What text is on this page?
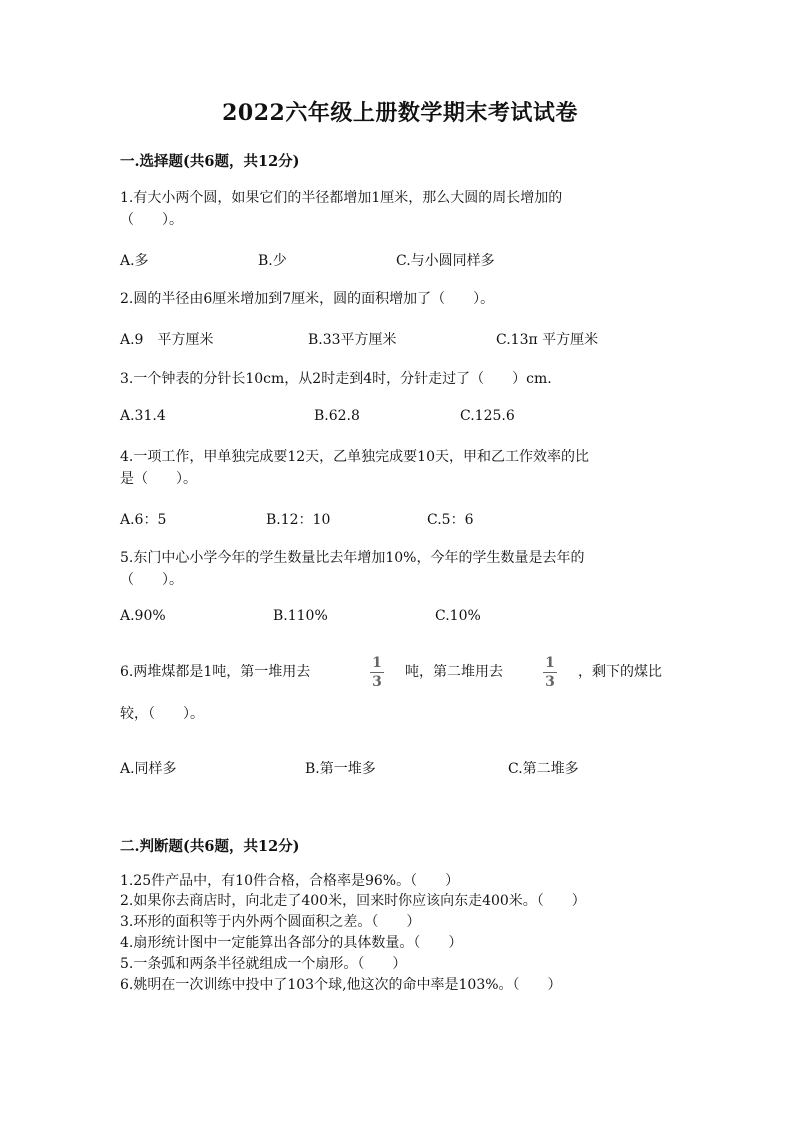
2022六年级上册数学期末考试试卷
一.选择题(共6题，共12分)
1.有大小两个圆，如果它们的半径都增加1厘米，那么大圆的周长增加的
（　　）。
A.多	B.少	C.与小圆同样多
2.圆的半径由6厘米增加到7厘米，圆的面积增加了（　　）。
A.9　平方厘米	B.33平方厘米	C.13π 平方厘米
3.一个钟表的分针长10cm，从2时走到4时，分针走过了（　　）cm.
A.31.4	B.62.8	C.125.6
4.一项工作，甲单独完成要12天，乙单独完成要10天，甲和乙工作效率的比
是（　　）。
A.6：5	B.12：10	C.5：6
5.东门中心小学今年的学生数量比去年增加10%，今年的学生数量是去年的
（　　）。
A.90%	B.110%	C.10%
6.两堆煤都是1吨，第一堆用去
1
3
吨，第二堆用去
1
3
，剩下的煤比
较，（　　）。
A.同样多	B.第一堆多	C.第二堆多
二.判断题(共6题，共12分)
1.25件产品中，有10件合格，合格率是96%。（　　）
2.如果你去商店时，向北走了400米，回来时你应该向东走400米。（　　）
3.环形的面积等于内外两个圆面积之差。（　　）
4.扇形统计图中一定能算出各部分的具体数量。（　　）
5.一条弧和两条半径就组成一个扇形。（　　）
6.姚明在一次训练中投中了103个球,他这次的命中率是103%。（　　）
